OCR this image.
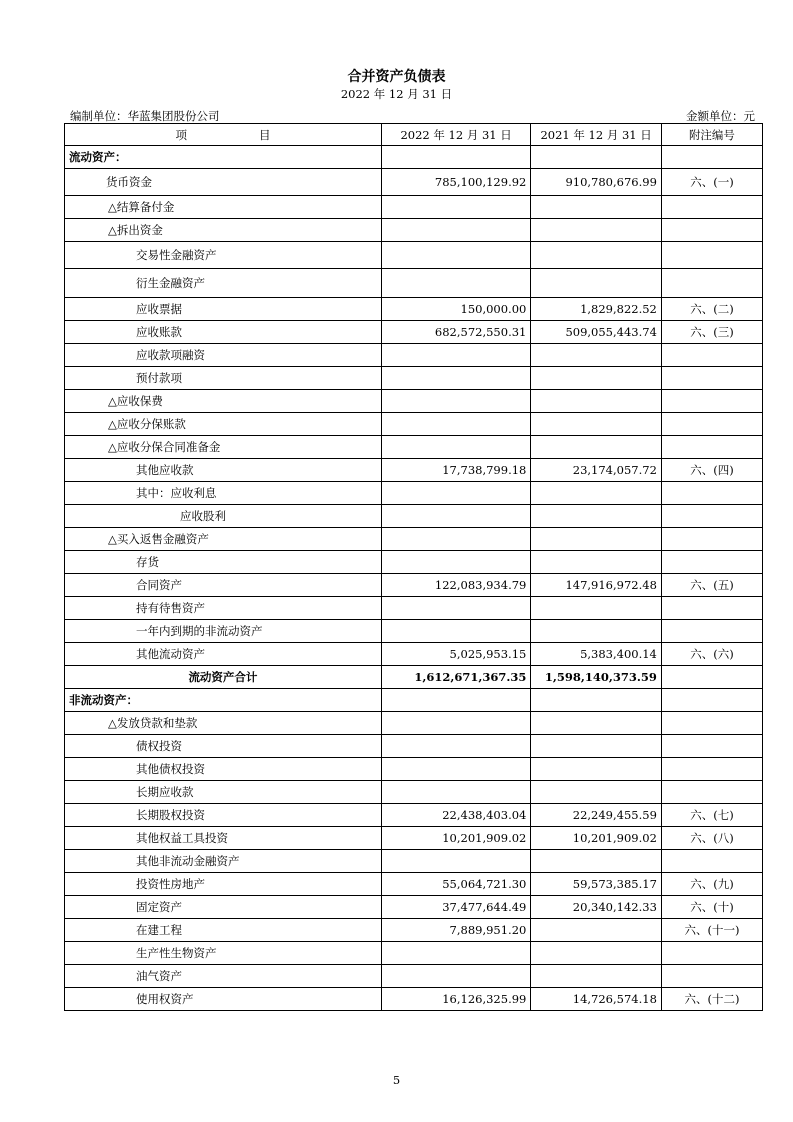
合并资产负债表
2022 年 12 月 31 日
编制单位：华蓝集团股份公司	金额单位：元
项 目	2022 年 12 月 31 日	2021 年 12 月 31 日	附注编号
流动资产：			
货币资金	785,100,129.92	910,780,676.99	六、(一)
△结算备付金			
△拆出资金			
交易性金融资产			
衍生金融资产			
应收票据	150,000.00	1,829,822.52	六、(二)
应收账款	682,572,550.31	509,055,443.74	六、(三)
应收款项融资			
预付款项			
△应收保费			
△应收分保账款			
△应收分保合同准备金			
其他应收款	17,738,799.18	23,174,057.72	六、(四)
其中：应收利息			
应收股利			
△买入返售金融资产			
存货			
合同资产	122,083,934.79	147,916,972.48	六、(五)
持有待售资产			
一年内到期的非流动资产			
其他流动资产	5,025,953.15	5,383,400.14	六、(六)
流动资产合计	1,612,671,367.35	1,598,140,373.59	
非流动资产：			
△发放贷款和垫款			
债权投资			
其他债权投资			
长期应收款			
长期股权投资	22,438,403.04	22,249,455.59	六、(七)
其他权益工具投资	10,201,909.02	10,201,909.02	六、(八)
其他非流动金融资产			
投资性房地产	55,064,721.30	59,573,385.17	六、(九)
固定资产	37,477,644.49	20,340,142.33	六、(十)
在建工程	7,889,951.20		六、(十一)
生产性生物资产			
油气资产			
使用权资产	16,126,325.99	14,726,574.18	六、(十二)
5
